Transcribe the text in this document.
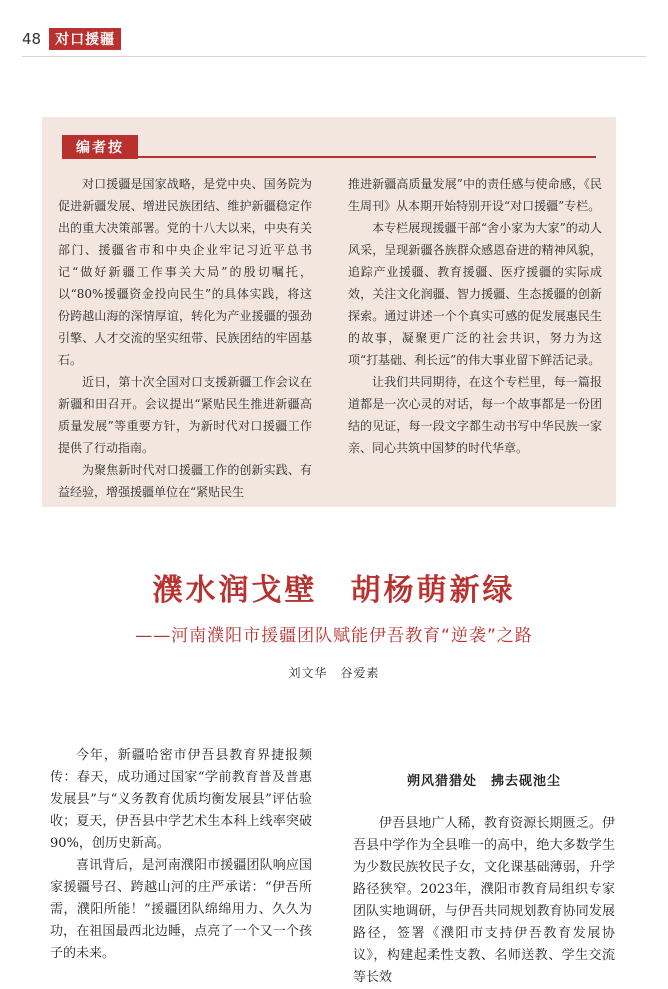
48	对口援疆
编者按

对口援疆是国家战略，是党中央、国务院为促进新疆发展、增进民族团结、维护新疆稳定作出的重大决策部署。党的十八大以来，中央有关部门、援疆省市和中央企业牢记习近平总书记“做好新疆工作事关大局”的殷切嘱托，以“80%援疆资金投向民生”的具体实践，将这份跨越山海的深情厚谊，转化为产业援疆的强劲引擎、人才交流的坚实纽带、民族团结的牢固基石。

近日，第十次全国对口支援新疆工作会议在新疆和田召开。会议提出“紧贴民生推进新疆高质量发展”等重要方针，为新时代对口援疆工作提供了行动指南。

为聚焦新时代对口援疆工作的创新实践、有益经验，增强援疆单位在“紧贴民生

推进新疆高质量发展”中的责任感与使命感，《民生周刊》从本期开始特别开设“对口援疆”专栏。

本专栏展现援疆干部“舍小家为大家”的动人风采，呈现新疆各族群众感恩奋进的精神风貌，追踪产业援疆、教育援疆、医疗援疆的实际成效，关注文化润疆、智力援疆、生态援疆的创新探索。通过讲述一个个真实可感的促发展惠民生的故事，凝聚更广泛的社会共识，努力为这项“打基础、利长远”的伟大事业留下鲜活记录。

让我们共同期待，在这个专栏里，每一篇报道都是一次心灵的对话，每一个故事都是一份团结的见证，每一段文字都生动书写中华民族一家亲、同心共筑中国梦的时代华章。

濮水润戈壁　胡杨萌新绿
——河南濮阳市援疆团队赋能伊吾教育“逆袭”之路
刘文华　谷爱素

今年，新疆哈密市伊吾县教育界捷报频传：春天，成功通过国家“学前教育普及普惠发展县”与“义务教育优质均衡发展县”评估验收；夏天，伊吾县中学艺术生本科上线率突破90%，创历史新高。

喜讯背后，是河南濮阳市援疆团队响应国家援疆号召、跨越山河的庄严承诺：“伊吾所需，濮阳所能！”援疆团队绵绵用力、久久为功，在祖国最西北边睡，点亮了一个又一个孩子的未来。

朔风猎猎处　拂去砚池尘

伊吾县地广人稀，教育资源长期匮乏。伊吾县中学作为全县唯一的高中，绝大多数学生为少数民族牧民子女，文化课基础薄弱，升学路径狭窄。2023年，濮阳市教育局组织专家团队实地调研，与伊吾共同规划教育协同发展路径，签署《濮阳市支持伊吾教育发展协议》，构建起柔性支教、名师送教、学生交流等长效
